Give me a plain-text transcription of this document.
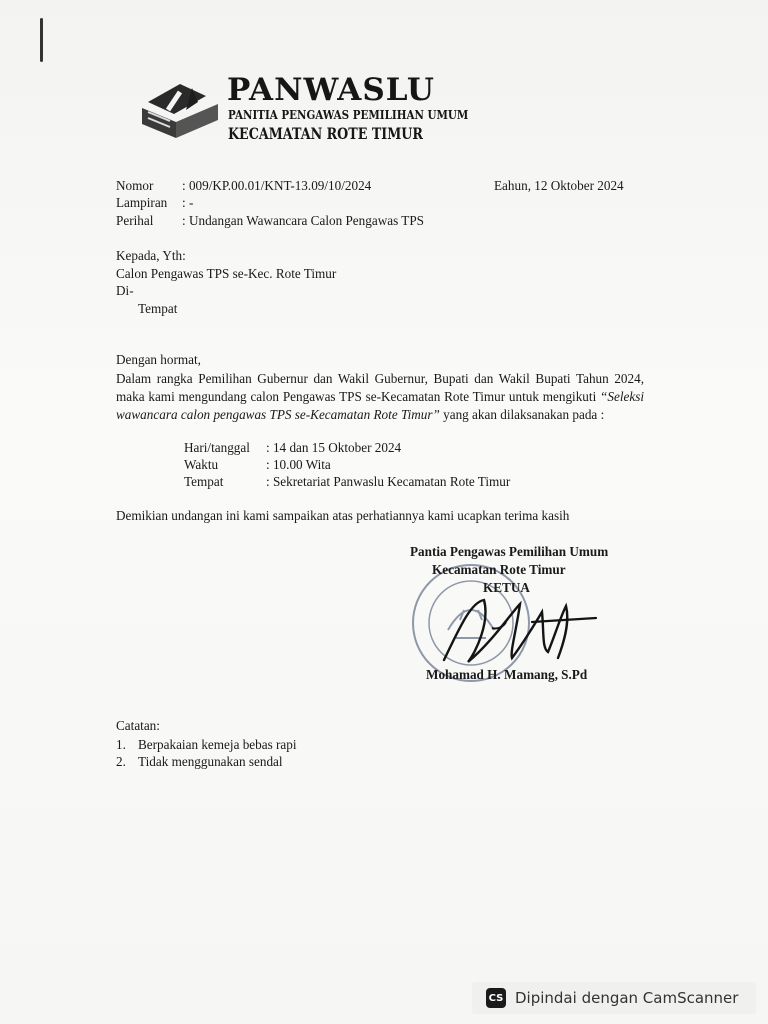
PANWASLU
PANITIA PENGAWAS PEMILIHAN UMUM
KECAMATAN ROTE TIMUR
Nomor : 009/KP.00.01/KNT-13.09/10/2024	Eahun, 12 Oktober 2024
Lampiran : -
Perihal : Undangan Wawancara Calon Pengawas TPS
Kepada, Yth:
Calon Pengawas TPS se-Kec. Rote Timur
Di-
Tempat
Dengan hormat,
Dalam rangka Pemilihan Gubernur dan Wakil Gubernur, Bupati dan Wakil Bupati Tahun 2024, maka kami mengundang calon Pengawas TPS se-Kecamatan Rote Timur untuk mengikuti “Seleksi wawancara calon pengawas TPS se-Kecamatan Rote Timur” yang akan dilaksanakan pada :
Hari/tanggal : 14 dan 15 Oktober 2024
Waktu	: 10.00 Wita
Tempat	: Sekretariat Panwaslu Kecamatan Rote Timur
Demikian undangan ini kami sampaikan atas perhatiannya kami ucapkan terima kasih
Pantia Pengawas Pemilihan Umum
Kecamatan Rote Timur
KETUA
Mohamad H. Mamang, S.Pd
Catatan:
1. Berpakaian kemeja bebas rapi
2. Tidak menggunakan sendal
CS Dipindai dengan CamScanner
